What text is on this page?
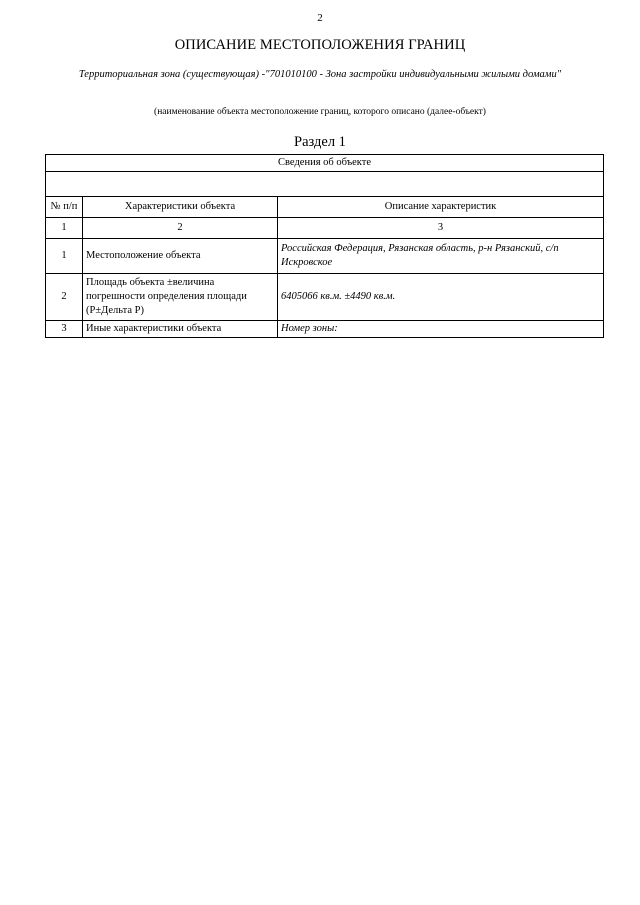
2
ОПИСАНИЕ МЕСТОПОЛОЖЕНИЯ ГРАНИЦ
Территориальная зона (существующая) -"701010100 - Зона застройки индивидуальными жилыми домами"
(наименование объекта местоположение границ, которого описано (далее-объект)
Раздел 1
Сведения об объекте		

№ п/п	Характеристики объекта	Описание характеристик
1	2	3
1	Местоположение объекта	Российская Федерация, Рязанская область, р-н Рязанский, с/п Искровское
2	Площадь объекта ±величина погрешности определения площади (P±Дельта P)	6405066 кв.м. ±4490 кв.м.
3	Иные характеристики объекта	Номер зоны:
